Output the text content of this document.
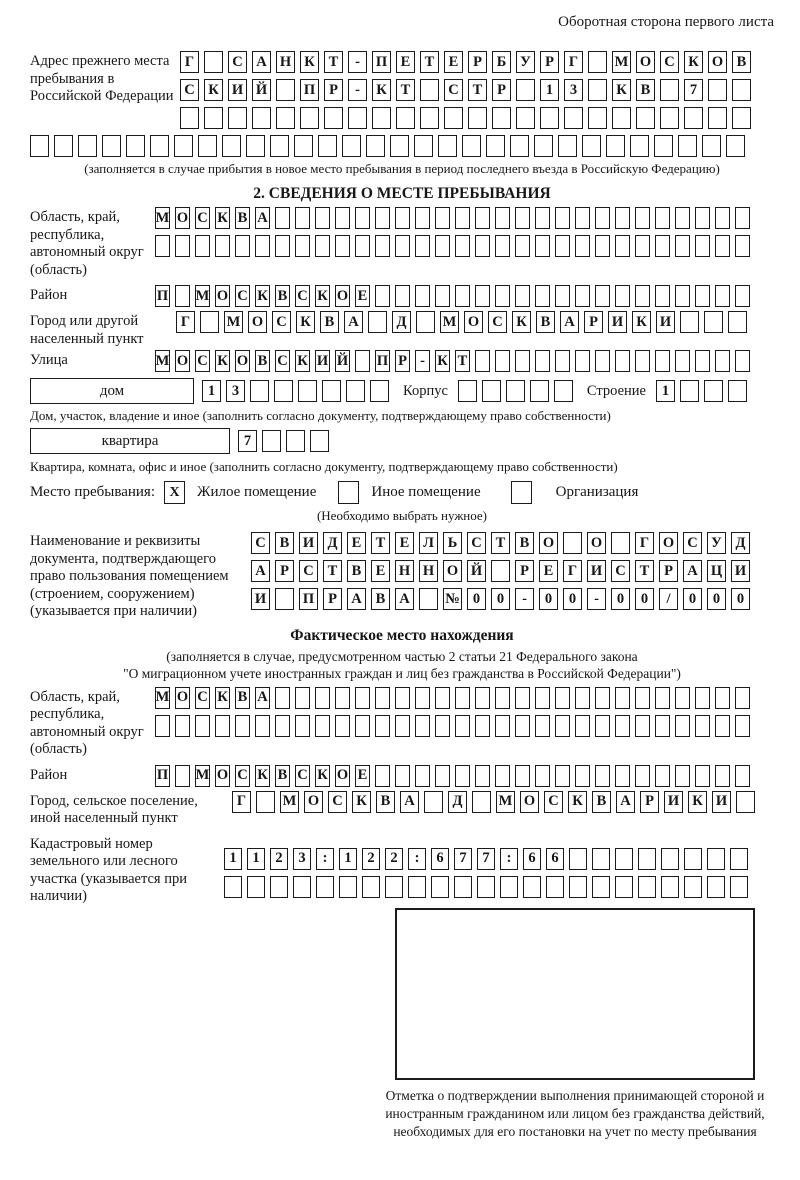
Оборотная сторона первого листа
Адрес прежнего места пребывания в Российской Федерации
Г	С А Н К Т	-	П Е Т Е	Р	Б У Р	Г	М О С К О В
С К И Й	П Р	-	К Т	С Т	Р	1	3	К В	7
(заполняется в случае прибытия в новое место пребывания в период последнего въезда в Российскую Федерацию)
2. СВЕДЕНИЯ О МЕСТЕ ПРЕБЫВАНИЯ
Область, край, республика, автономный округ (область)
М О С К В А
Район	П М О С К В С К О Е
Город или другой населенный пункт
Г	М О С К В А	Д	М О С К В А Р И К И
Улица	М О С К О В С К И Й П Р - К Т
дом	1	3	Корпус	Строение	1
Дом, участок, владение и иное (заполнить согласно документу, подтверждающему право собственности)
квартира	7
Квартира, комната, офис и иное (заполнить согласно документу, подтверждающему право собственности)
Место пребывания:	X	Жилое помещение	Иное помещение	Организация
(Необходимо выбрать нужное)
Наименование и реквизиты документа, подтверждающего право пользования помещением (строением, сооружением) (указывается при наличии)
С В И Д Е Т Е Л Ь С Т В О	О	Г О С У Д
А Р С Т В Е Н Н О Й	Р	Е	Г И С Т	Р А Ц И
И	П Р А В А № 0	0	-	0	0	-	0	0	/	0	0	0
Фактическое место нахождения
(заполняется в случае, предусмотренном частью 2 статьи 21 Федерального закона
"О миграционном учете иностранных граждан и лиц без гражданства в Российской Федерации")
Область, край, республика, автономный округ (область)
М О С К В А
Район	П М О С К В С К О Е
Город, сельское поселение, иной населенный пункт
Г	М О С К В А	Д	М О С К В А Р И К И
Кадастровый номер земельного или лесного участка (указывается при наличии)
1	1	2	3	:	1	2	2	:	6	7	7	:	6	6
Отметка о подтверждении выполнения принимающей стороной и иностранным гражданином или лицом без гражданства действий, необходимых для его постановки на учет по месту пребывания
